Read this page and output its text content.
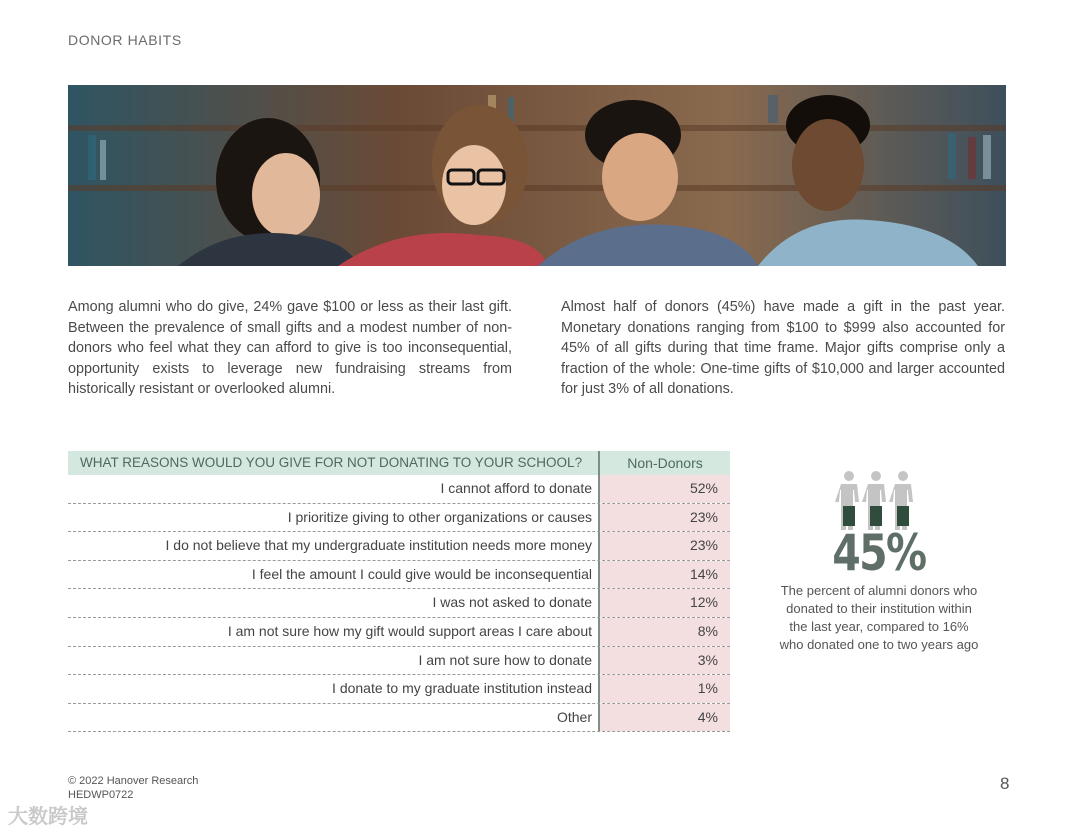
DONOR HABITS
Among alumni who do give, 24% gave $100 or less as their last gift. Between the prevalence of small gifts and a modest number of non-donors who feel what they can afford to give is too inconsequential, opportunity exists to leverage new fundraising streams from historically resistant or overlooked alumni.
Almost half of donors (45%) have made a gift in the past year. Monetary donations ranging from $100 to $999 also accounted for 45% of all gifts during that time frame. Major gifts comprise only a fraction of the whole: One-time gifts of $10,000 and larger accounted for just 3% of all donations.
WHAT REASONS WOULD YOU GIVE FOR NOT DONATING TO YOUR SCHOOL?	Non-Donors
I cannot afford to donate	52%
I prioritize giving to other organizations or causes	23%
I do not believe that my undergraduate institution needs more money	23%
I feel the amount I could give would be inconsequential	14%
I was not asked to donate	12%
I am not sure how my gift would support areas I care about	8%
I am not sure how to donate	3%
I donate to my graduate institution instead	1%
Other	4%
45%
The percent of alumni donors who donated to their institution within the last year, compared to 16% who donated one to two years ago
© 2022 Hanover Research
HEDWP0722
8
大数跨境
